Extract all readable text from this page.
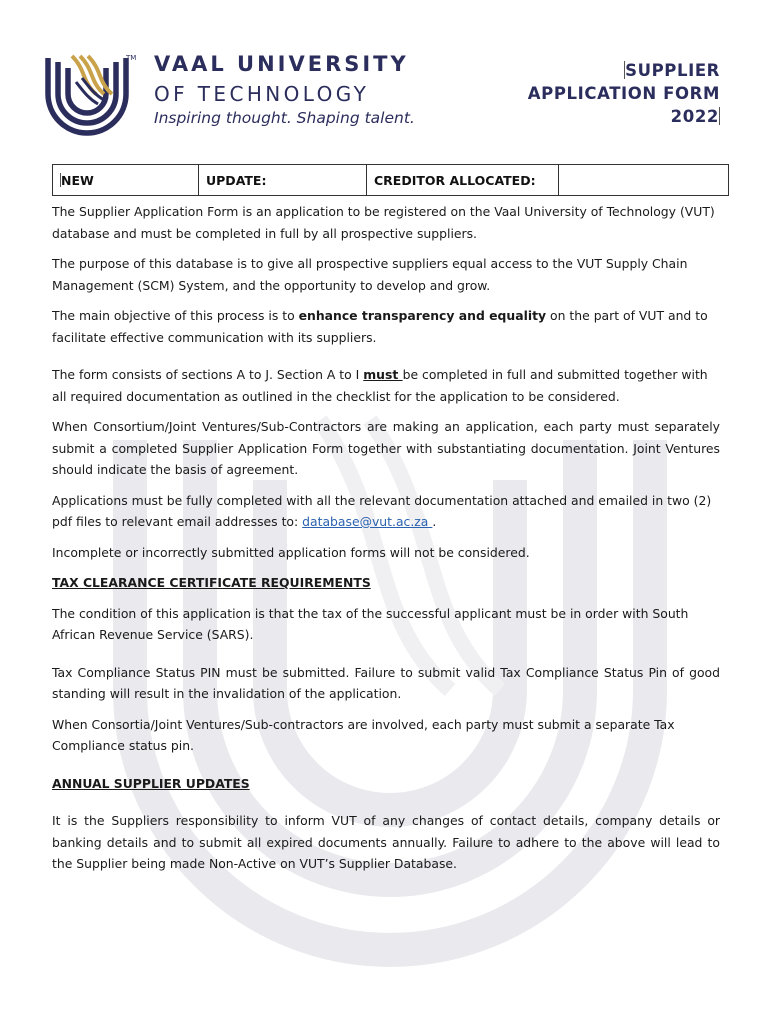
TM VAAL UNIVERSITY
OF TECHNOLOGY
Inspiring thought. Shaping talent.
SUPPLIER
APPLICATION FORM
2022
NEW	UPDATE:	CREDITOR ALLOCATED:	

The Supplier Application Form is an application to be registered on the Vaal University of Technology (VUT) database and must be completed in full by all prospective suppliers.

The purpose of this database is to give all prospective suppliers equal access to the VUT Supply Chain Management (SCM) System, and the opportunity to develop and grow.

The main objective of this process is to enhance transparency and equality on the part of VUT and to facilitate effective communication with its suppliers.

The form consists of sections A to J. Section A to I must be completed in full and submitted together with all required documentation as outlined in the checklist for the application to be considered.

When Consortium/Joint Ventures/Sub-Contractors are making an application, each party must separately submit a completed Supplier Application Form together with substantiating documentation. Joint Ventures should indicate the basis of agreement.

Applications must be fully completed with all the relevant documentation attached and emailed in two (2) pdf files to relevant email addresses to: database@vut.ac.za .

Incomplete or incorrectly submitted application forms will not be considered.

TAX CLEARANCE CERTIFICATE REQUIREMENTS

The condition of this application is that the tax of the successful applicant must be in order with South African Revenue Service (SARS).

Tax Compliance Status PIN must be submitted. Failure to submit valid Tax Compliance Status Pin of good standing will result in the invalidation of the application.

When Consortia/Joint Ventures/Sub-contractors are involved, each party must submit a separate Tax Compliance status pin.

ANNUAL SUPPLIER UPDATES

It is the Suppliers responsibility to inform VUT of any changes of contact details, company details or banking details and to submit all expired documents annually. Failure to adhere to the above will lead to the Supplier being made Non-Active on VUT’s Supplier Database.
